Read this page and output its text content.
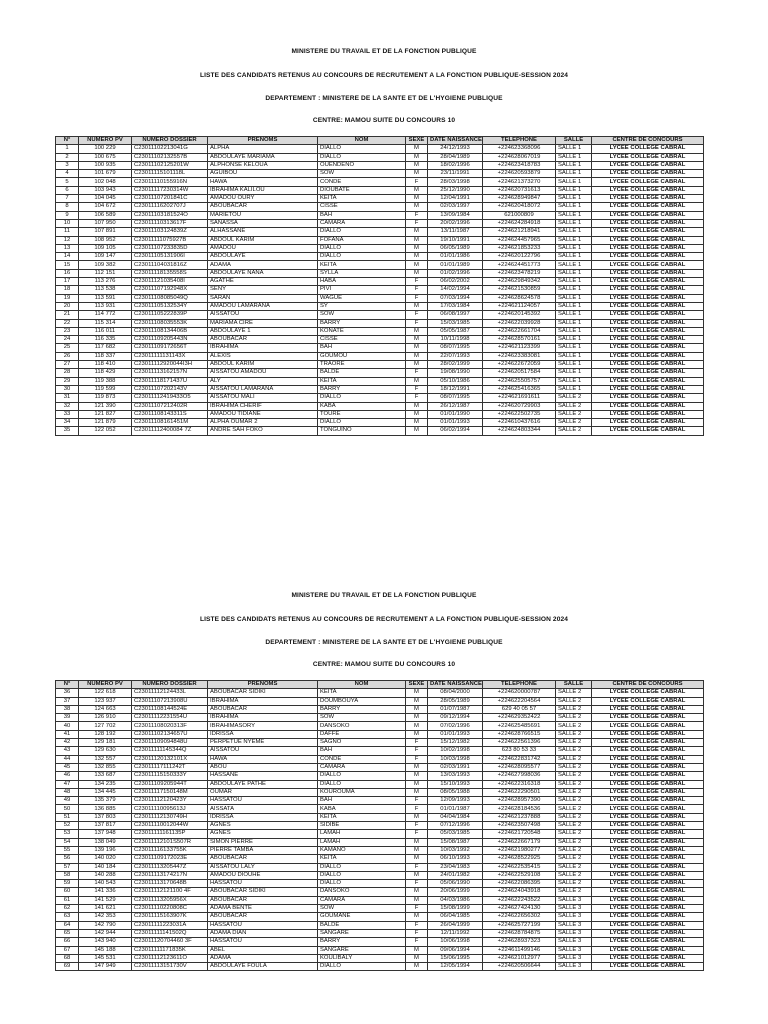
MINISTERE DU TRAVAIL ET DE LA FONCTION PUBLIQUE
LISTE DES CANDIDATS RETENUS AU CONCOURS DE RECRUTEMENT A LA FONCTION PUBLIQUE-SESSION 2024
DEPARTEMENT : MINISTERE DE LA SANTE ET DE L'HYGIENE PUBLIQUE
CENTRE: MAMOU SUITE DU CONCOURS 10
N°	NUMERO PV	NUMERO DOSSIER	PRENOMS	NOM	SEXE	DATE NAISSANCE	TELEPHONE	SALLE	CENTRE DE CONCOURS
1	100 229	C23011102213041G	ALPHA	DIALLO	M	24/12/1993	+224623368096	SALLE 1	LYCEE COLLEGE CABRAL
2	100 675	C23011102132557B	ABDOULAYE MARIAMA	DIALLO	M	28/04/1989	+224628067019	SALLE 1	LYCEE COLLEGE CABRAL
3	100 935	C23011102125201W	ALPHONSE KELOUA	OUENDENO	M	18/02/1996	+224623418783	SALLE 1	LYCEE COLLEGE CABRAL
4	101 679	C23011115101118L	AGUIBOU	SOW	M	23/11/1991	+224620593879	SALLE 1	LYCEE COLLEGE CABRAL
5	102 048	C23011110155916N	HAWA	CONDE	F	28/03/1998	+224621373270	SALLE 1	LYCEE COLLEGE CABRAL
6	103 943	C23011117230314W	IBRAHIMA KALILOU	DIOUBATE	M	25/12/1990	+224620731613	SALLE 1	LYCEE COLLEGE CABRAL
7	104 045	C23011107201841C	AMADOU OURY	KEITA	M	12/04/1991	+224628949847	SALLE 1	LYCEE COLLEGE CABRAL
8	104 672	C23011116202707J	ABOUBACAR	CISSE	M	02/03/1997	+224620418072	SALLE 1	LYCEE COLLEGE CABRAL
9	106 589	C23011103181524O	MARIETOU	BAH	F	13/09/1984	621000809	SALLE 1	LYCEE COLLEGE CABRAL
10	107 950	C23011110313617F	SANASSA	CAMARA	F	20/02/1996	+224624284918	SALLE 1	LYCEE COLLEGE CABRAL
11	107 891	C23011103124839Z	ALHASSANE	DIALLO	M	13/11/1987	+224621218941	SALLE 1	LYCEE COLLEGE CABRAL
12	108 952	C23011111075927B	ABDOUL KARIM	FOFANA	M	19/10/1991	+224624457965	SALLE 1	LYCEE COLLEGE CABRAL
13	109 105	C23011107233835D	AMADOU	DIALLO	M	06/05/1989	+224621853233	SALLE 1	LYCEE COLLEGE CABRAL
14	109 147	C23011105131906I	ABDOULAYE	DIALLO	M	01/01/1986	+224620122796	SALLE 1	LYCEE COLLEGE CABRAL
15	109 382	C23011104031816Z	ADAMA	KEITA	M	01/01/1989	+224624451773	SALLE 1	LYCEE COLLEGE CABRAL
16	112 151	C23011118135558S	ABDOULAYE NANA	SYLLA	M	01/02/1996	+224623478219	SALLE 1	LYCEE COLLEGE CABRAL
17	113 276	C23011121035408I	AGATHE	HABA	F	06/02/2002	+224629849342	SALLE 1	LYCEE COLLEGE CABRAL
18	113 538	C23011107192948X	SENY	PIVI	F	14/02/1994	+224621530859	SALLE 1	LYCEE COLLEGE CABRAL
19	113 591	C23011108085049Q	SARAN	WAGUE	F	07/03/1994	+224628624578	SALLE 1	LYCEE COLLEGE CABRAL
20	113 931	C23011105132534Y	AMADOU LAMARANA	SY	M	17/03/1984	+224621124057	SALLE 1	LYCEE COLLEGE CABRAL
21	114 772	C23011105222839P	AISSATOU	SOW	F	06/08/1997	+224620145392	SALLE 1	LYCEE COLLEGE CABRAL
22	115 314	C23011108035553K	MARIAMA CIRE	BARRY	F	15/03/1985	+224622039928	SALLE 1	LYCEE COLLEGE CABRAL
23	116 011	C23011108134406B	ABDOULAYE 1	KONATE	M	05/05/1987	+224622661704	SALLE 1	LYCEE COLLEGE CABRAL
24	116 335	C23011109205443N	ABOUBACAR	CISSE	M	10/11/1998	+224628570161	SALLE 1	LYCEE COLLEGE CABRAL
25	117 682	C23011109172656T	IBRAHIMA	BAH	M	08/07/1995	+224621123399	SALLE 1	LYCEE COLLEGE CABRAL
26	118 337	C23011111131143X	ALEXIS	GOUMOU	M	22/07/1993	+224623383081	SALLE 1	LYCEE COLLEGE CABRAL
27	118 410	C23011112920044I3H	ABDOUL KARIM	TRAORE	M	28/02/1999	+224622672059	SALLE 1	LYCEE COLLEGE CABRAL
28	118 429	C23011113162157N	AISSATOU AMADOU	BALDE	F	19/08/1990	+224620517584	SALLE 1	LYCEE COLLEGE CABRAL
29	119 388	C23011118171437U	ALY	KEITA	M	05/10/1986	+224625505757	SALLE 1	LYCEE COLLEGE CABRAL
30	119 599	C23011107202143V	AISSATOU LAMARANA	BARRY	F	18/12/1991	+224625416365	SALLE 1	LYCEE COLLEGE CABRAL
31	119 873	C23011112419433O5	AISSATOU MALI	DIALLO	F	08/07/1995	+224621691611	SALLE 2	LYCEE COLLEGE CABRAL
32	121 390	C23011107212402R	IBRAHIMA CHERIF	KABA	M	26/12/1987	+224620729903	SALLE 2	LYCEE COLLEGE CABRAL
33	121 827	C23011108143311S	AMADOU TIDIANE	TOURE	M	01/01/1990	+224622502735	SALLE 2	LYCEE COLLEGE CABRAL
34	121 879	C23011108161451M	ALPHA OUMAR 2	DIALLO	M	01/01/1993	+224610437616	SALLE 2	LYCEE COLLEGE CABRAL
35	122 052	C23011112400084 7Z	ANDRE SAH FOKO	TONGUINO	M	06/02/1994	+224624803344	SALLE 2	LYCEE COLLEGE CABRAL
MINISTERE DU TRAVAIL ET DE LA FONCTION PUBLIQUE
LISTE DES CANDIDATS RETENUS AU CONCOURS DE RECRUTEMENT A LA FONCTION PUBLIQUE-SESSION 2024
DEPARTEMENT : MINISTERE DE LA SANTE ET DE L'HYGIENE PUBLIQUE
CENTRE: MAMOU SUITE DU CONCOURS 10
N°	NUMERO PV	NUMERO DOSSIER	PRENOMS	NOM	SEXE	DATE NAISSANCE	TELEPHONE	SALLE	CENTRE DE CONCOURS
36	122 618	C23011112124433L	ABOUBACAR SIDIKI	KEITA	M	08/04/2000	+224620000787	SALLE 2	LYCEE COLLEGE CABRAL
37	123 937	C23011107213908U	IBRAHIMA	DOUMBOUYA	M	28/05/1989	+224622204564	SALLE 2	LYCEE COLLEGE CABRAL
38	124 663	C23011108144524E	ABOUBACAR	BARRY	M	01/07/1987	629 40 05 57	SALLE 2	LYCEE COLLEGE CABRAL
39	126 910	C23011112231554U	IBRAHIMA	SOW	M	09/12/1994	+224629352422	SALLE 2	LYCEE COLLEGE CABRAL
40	127 702	C23011108020313F	IBRAHIMASORY	DANSOKO	M	07/02/1996	+224625485691	SALLE 2	LYCEE COLLEGE CABRAL
41	128 192	C23011102134657U	IDRISSA	DAFFE	M	01/01/1993	+224628766515	SALLE 2	LYCEE COLLEGE CABRAL
42	129 181	C23011109094848U	PERPETUE NYEME	SAGNO	F	15/12/1982	+224622561396	SALLE 2	LYCEE COLLEGE CABRAL
43	129 630	C23011111145344Q	AISSATOU	BAH	F	10/02/1998	623 80 53 33	SALLE 2	LYCEE COLLEGE CABRAL
44	132 557	C23011120132101X	HAWA	CONDE	F	10/03/1998	+224622831742	SALLE 2	LYCEE COLLEGE CABRAL
45	132 855	C23011117111242T	ABOU	CAMARA	M	02/03/1991	+224628095577	SALLE 2	LYCEE COLLEGE CABRAL
46	133 687	C23011115150333Y	HASSANE	DIALLO	M	13/03/1993	+224627998036	SALLE 2	LYCEE COLLEGE CABRAL
47	134 235	C23011109205944T	ABDOULAYE PATHE	DIALLO	M	15/10/1993	+224622316318	SALLE 2	LYCEE COLLEGE CABRAL
48	134 445	C23011117150148M	OUMAR	KOUROUMA	M	08/05/1988	+224622290501	SALLE 2	LYCEE COLLEGE CABRAL
49	135 379	C23011112120423Y	HASSATOU	BAH	F	12/09/1993	+224628957390	SALLE 2	LYCEE COLLEGE CABRAL
50	136 885	C23011110095613J	AISSATA	KABA	F	01/01/1987	+224628184536	SALLE 2	LYCEE COLLEGE CABRAL
51	137 803	C23011112130749H	IDRISSA	KEITA	M	04/04/1984	+224621237888	SALLE 2	LYCEE COLLEGE CABRAL
52	137 817	C23011110012044W	AGNES	SIDIBE	F	07/12/1996	+224623507498	SALLE 2	LYCEE COLLEGE CABRAL
53	137 948	C23011111161135P	AGNES	LAMAH	F	05/03/1985	+224621720548	SALLE 2	LYCEE COLLEGE CABRAL
54	138 049	C23011112101S507R	SIMON PIERRE	LAMAH	M	15/08/1987	+224622667179	SALLE 2	LYCEE COLLEGE CABRAL
55	139 196	C23011116133755K	PIERRE TAMBA	KAMANO	M	10/03/1992	+224621980277	SALLE 2	LYCEE COLLEGE CABRAL
56	140 020	C23011109172023E	ABOUBACAR	KEITA	M	06/10/1993	+224628522925	SALLE 2	LYCEE COLLEGE CABRAL
57	140 184	C23011113205447Z	AISSATOU LALY	DIALLO	F	23/04/1983	+224622535415	SALLE 2	LYCEE COLLEGE CABRAL
58	140 288	C23011113174217N	AMADOU DIOUHE	DIALLO	M	24/01/1982	+224622529108	SALLE 2	LYCEE COLLEGE CABRAL
59	140 543	C23011113170648B	HASSATOU	DIALLO	F	05/06/1990	+224622086395	SALLE 2	LYCEE COLLEGE CABRAL
60	141 336	C23011112121100 4F	ABOUBACAR SIDIKI	DANSOKO	M	20/06/1999	+224624043918	SALLE 2	LYCEE COLLEGE CABRAL
61	141 529	C23011113205956X	ABOUBACAR	CAMARA	M	04/03/1986	+224622243522	SALLE 3	LYCEE COLLEGE CABRAL
62	141 621	C23011110220808C	ADAMA BENTE	SOW	F	15/08/1999	+224627424130	SALLE 3	LYCEE COLLEGE CABRAL
63	142 353	C23011115163907K	ABOUBACAR	GOUMANE	M	06/04/1985	+224622656302	SALLE 3	LYCEE COLLEGE CABRAL
64	142 790	C23011111223031A	HASSATOU	BALDE	F	26/04/1999	+224625727199	SALLE 3	LYCEE COLLEGE CABRAL
65	142 944	C23011111141502Q	ADAMA DIAN	SANGARE	F	12/11/1992	+224628784875	SALLE 3	LYCEE COLLEGE CABRAL
66	143 940	C23011120704460 3F	HASSATOU	BARRY	F	10/06/1998	+224628937323	SALLE 3	LYCEE COLLEGE CABRAL
67	145 188	C23011111171835K	ABEL	SANGARE	M	09/06/1994	+224611499146	SALLE 3	LYCEE COLLEGE CABRAL
68	145 531	C23011112123611O	ADAMA	KOULIBALY	M	15/06/1995	+224621012977	SALLE 3	LYCEE COLLEGE CABRAL
69	147 949	C23011113151730V	ABDOULAYE FOULA	DIALLO	M	12/05/1994	+224620506644	SALLE 3	LYCEE COLLEGE CABRAL
